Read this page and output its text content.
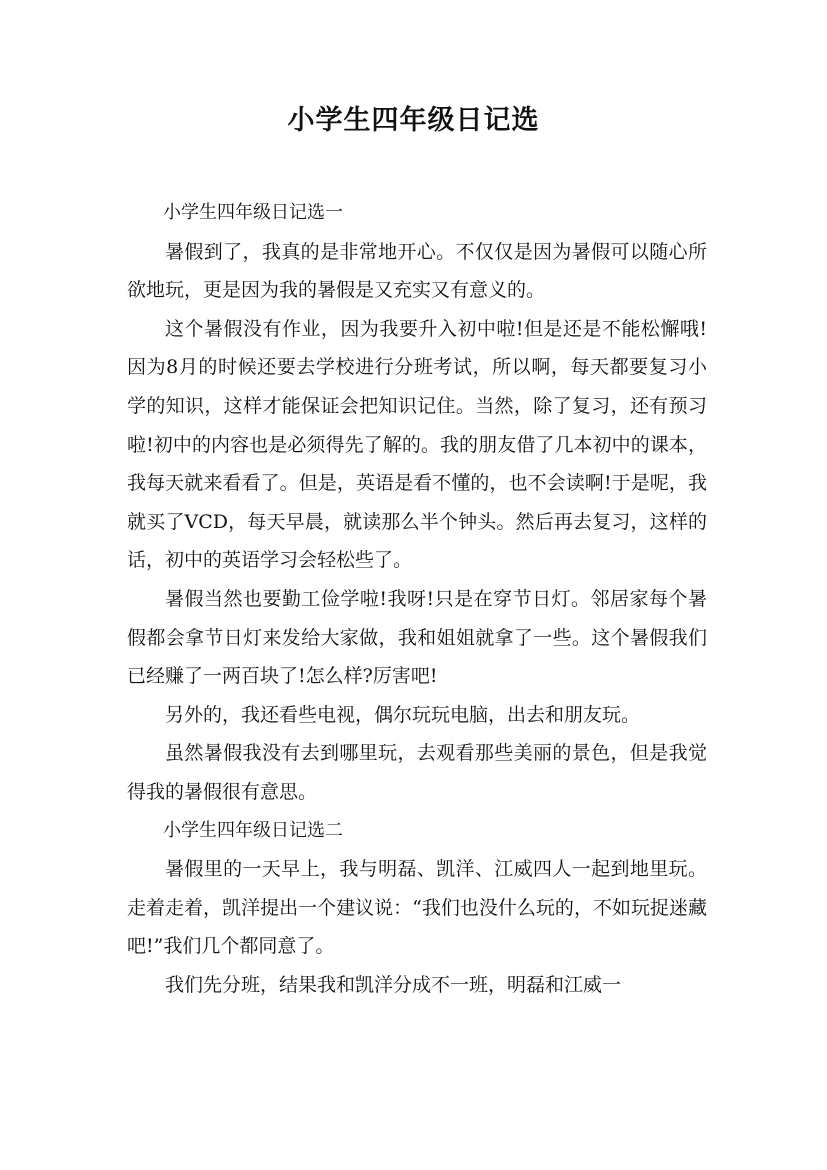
小学生四年级日记选

小学生四年级日记选一

暑假到了，我真的是非常地开心。不仅仅是因为暑假可以随心所欲地玩，更是因为我的暑假是又充实又有意义的。

这个暑假没有作业，因为我要升入初中啦!但是还是不能松懈哦!因为8月的时候还要去学校进行分班考试，所以啊，每天都要复习小学的知识，这样才能保证会把知识记住。当然，除了复习，还有预习啦!初中的内容也是必须得先了解的。我的朋友借了几本初中的课本，我每天就来看看了。但是，英语是看不懂的，也不会读啊!于是呢，我就买了VCD，每天早晨，就读那么半个钟头。然后再去复习，这样的话，初中的英语学习会轻松些了。

暑假当然也要勤工俭学啦!我呀!只是在穿节日灯。邻居家每个暑假都会拿节日灯来发给大家做，我和姐姐就拿了一些。这个暑假我们已经赚了一两百块了!怎么样?厉害吧!

另外的，我还看些电视，偶尔玩玩电脑，出去和朋友玩。

虽然暑假我没有去到哪里玩，去观看那些美丽的景色，但是我觉得我的暑假很有意思。

小学生四年级日记选二

暑假里的一天早上，我与明磊、凯洋、江威四人一起到地里玩。走着走着，凯洋提出一个建议说：“我们也没什么玩的，不如玩捉迷藏吧!”我们几个都同意了。

我们先分班，结果我和凯洋分成不一班，明磊和江威一
